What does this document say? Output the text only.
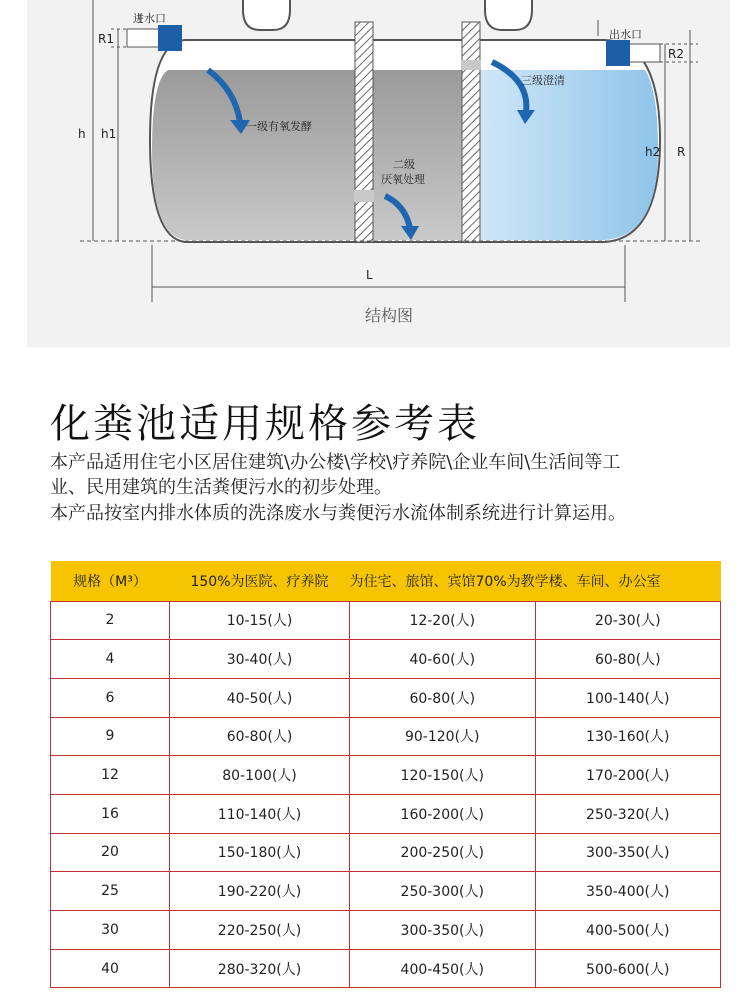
进水口
出水口
一级有氧发酵
二级
厌氧处理
三级澄清
R1
R2
h h1
h2 R
L
结构图
化粪池适用规格参考表
本产品适用住宅小区居住建筑\办公楼\学校\疗养院\企业车间\生活间等工业、民用建筑的生活粪便污水的初步处理。
本产品按室内排水体质的洗涤废水与粪便污水流体制系统进行计算运用。
规格（M³）	150%为医院、疗养院	为住宅、旅馆、宾馆70%为教学楼、车间、办公室	
2	10-15(人)	12-20(人)	20-30(人)
4	30-40(人)	40-60(人)	60-80(人)
6	40-50(人)	60-80(人)	100-140(人)
9	60-80(人)	90-120(人)	130-160(人)
12	80-100(人)	120-150(人)	170-200(人)
16	110-140(人)	160-200(人)	250-320(人)
20	150-180(人)	200-250(人)	300-350(人)
25	190-220(人)	250-300(人)	350-400(人)
30	220-250(人)	300-350(人)	400-500(人)
40	280-320(人)	400-450(人)	500-600(人)
